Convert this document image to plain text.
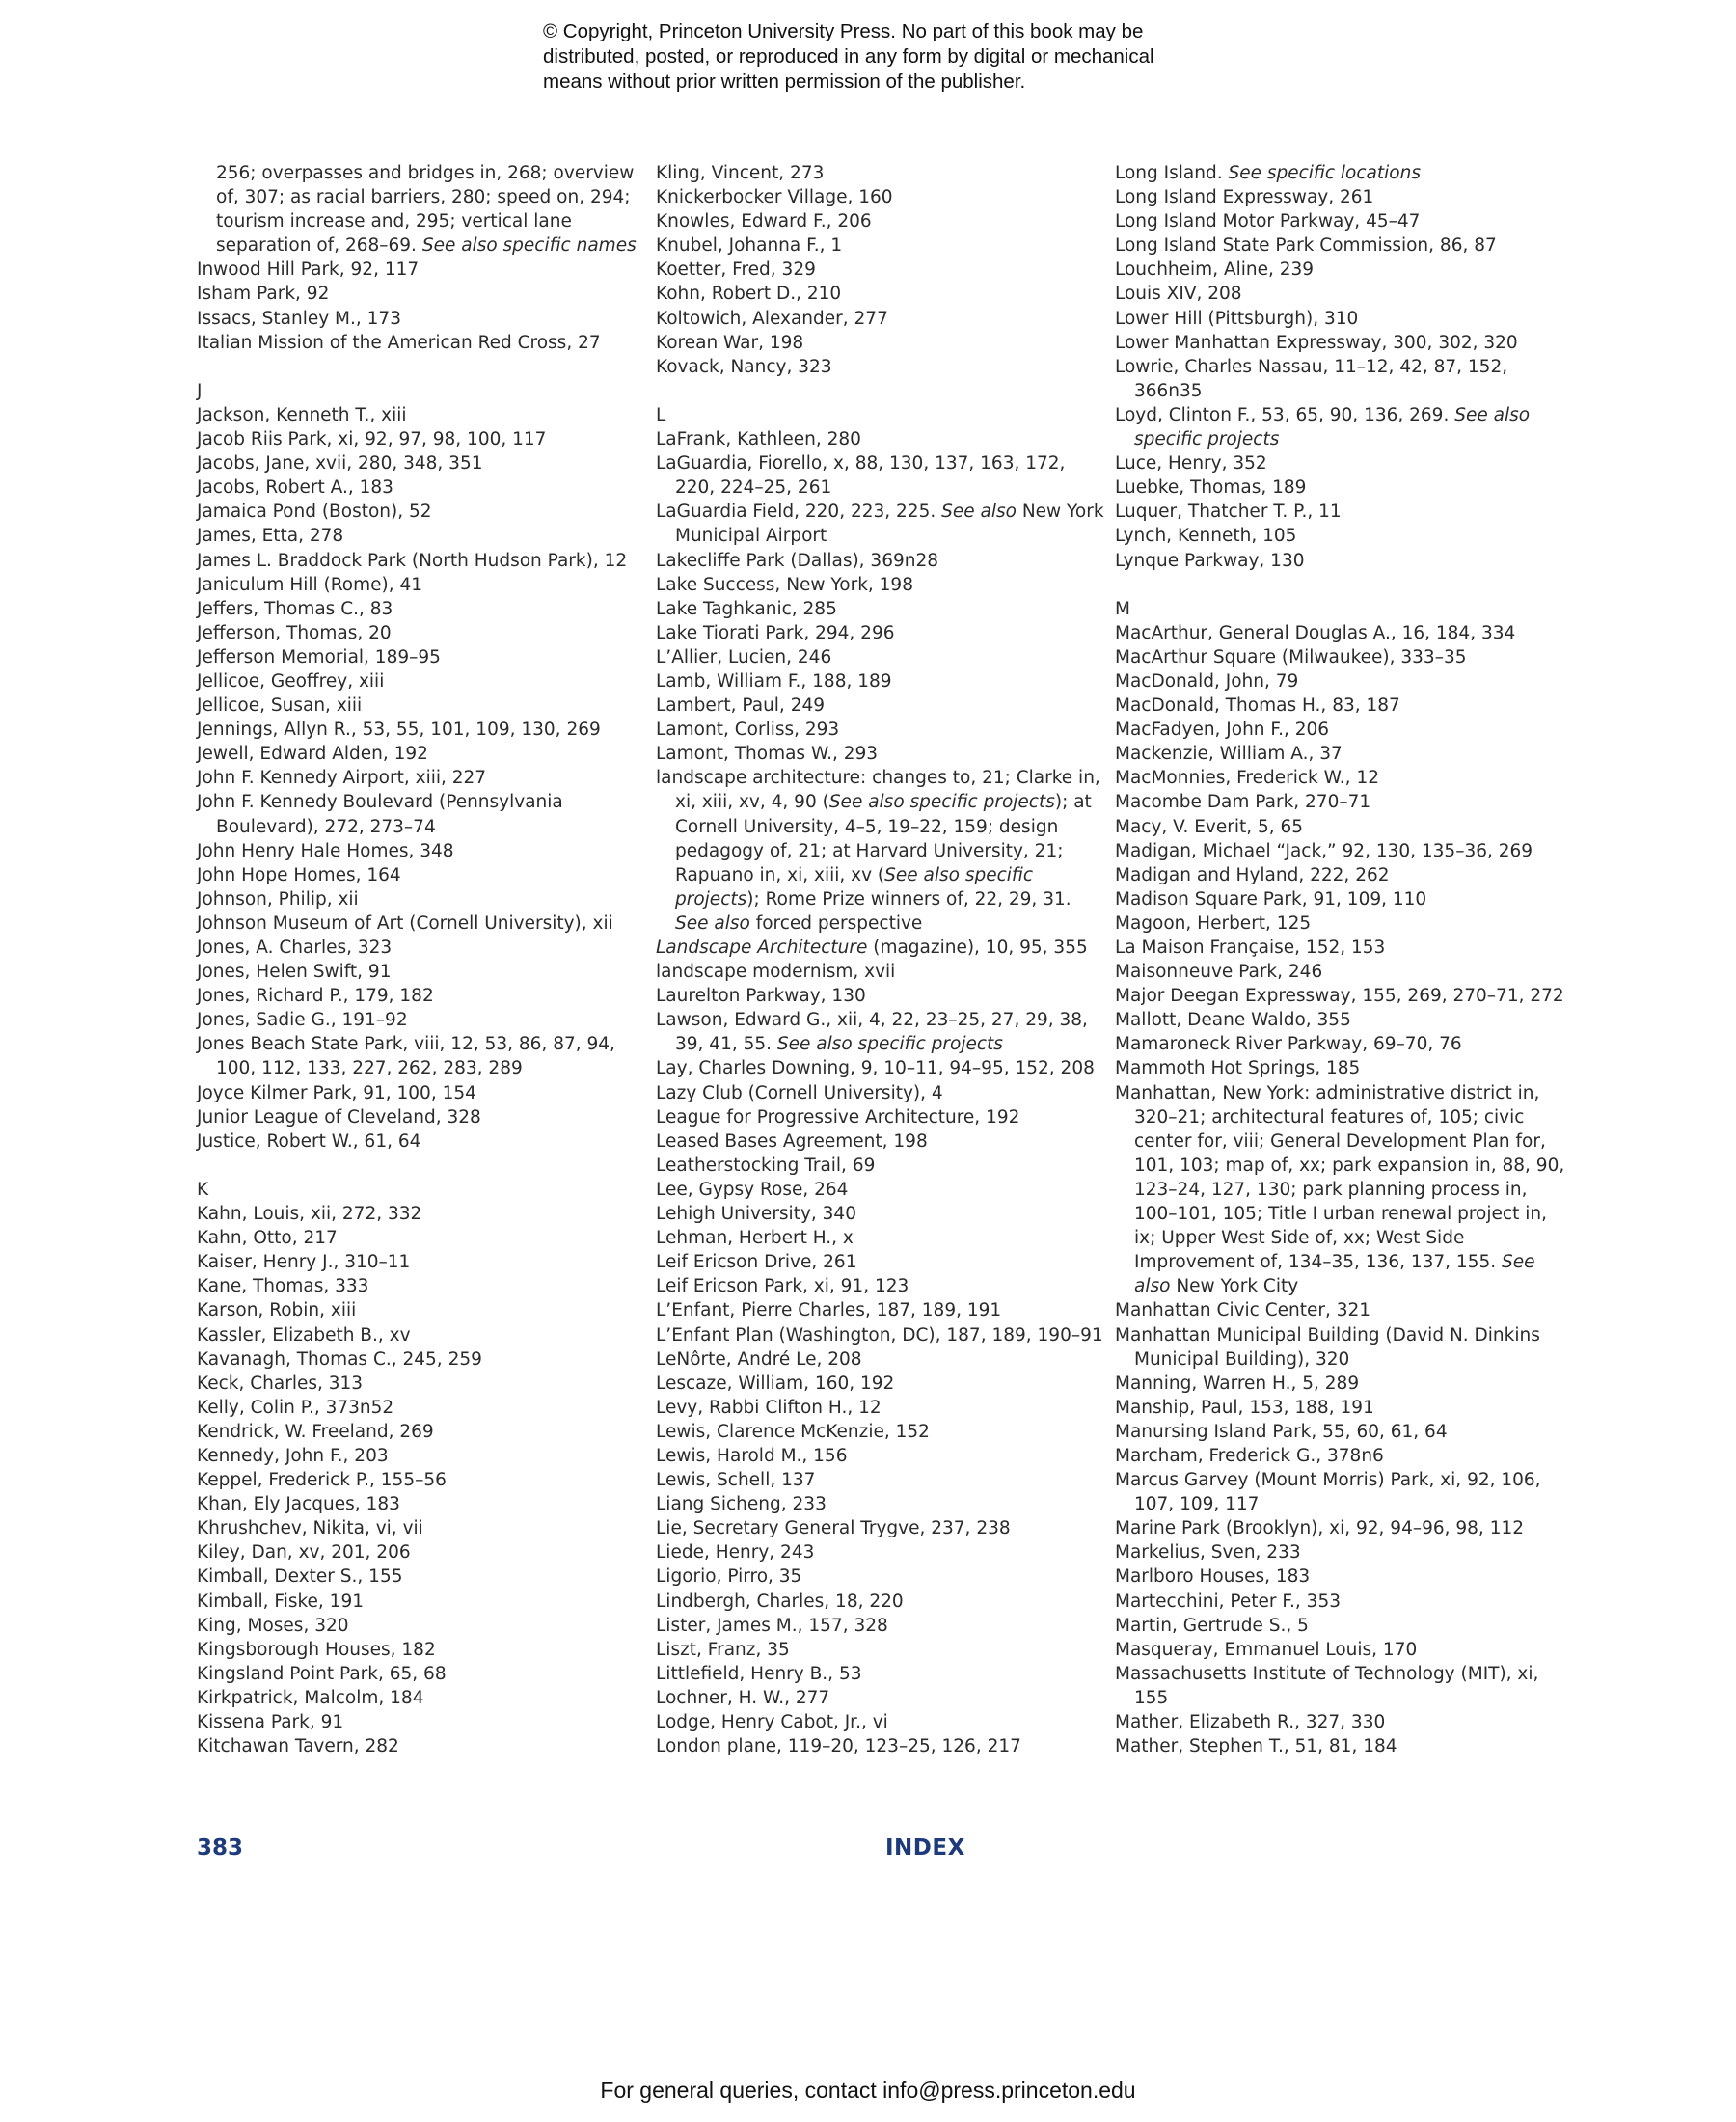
© Copyright, Princeton University Press. No part of this book may be
distributed, posted, or reproduced in any form by digital or mechanical
means without prior written permission of the publisher.
256; overpasses and bridges in, 268; overview of, 307; as racial barriers, 280; speed on, 294; tourism increase and, 295; vertical lane separation of, 268–69. See also specific names
Inwood Hill Park, 92, 117
Isham Park, 92
Issacs, Stanley M., 173
Italian Mission of the American Red Cross, 27
J
Jackson, Kenneth T., xiii
Jacob Riis Park, xi, 92, 97, 98, 100, 117
Jacobs, Jane, xvii, 280, 348, 351
Jacobs, Robert A., 183
Jamaica Pond (Boston), 52
James, Etta, 278
James L. Braddock Park (North Hudson Park), 12
Janiculum Hill (Rome), 41
Jeffers, Thomas C., 83
Jefferson, Thomas, 20
Jefferson Memorial, 189–95
Jellicoe, Geoffrey, xiii
Jellicoe, Susan, xiii
Jennings, Allyn R., 53, 55, 101, 109, 130, 269
Jewell, Edward Alden, 192
John F. Kennedy Airport, xiii, 227
John F. Kennedy Boulevard (Pennsylvania Boulevard), 272, 273–74
John Henry Hale Homes, 348
John Hope Homes, 164
Johnson, Philip, xii
Johnson Museum of Art (Cornell University), xii
Jones, A. Charles, 323
Jones, Helen Swift, 91
Jones, Richard P., 179, 182
Jones, Sadie G., 191–92
Jones Beach State Park, viii, 12, 53, 86, 87, 94, 100, 112, 133, 227, 262, 283, 289
Joyce Kilmer Park, 91, 100, 154
Junior League of Cleveland, 328
Justice, Robert W., 61, 64
K
Kahn, Louis, xii, 272, 332
Kahn, Otto, 217
Kaiser, Henry J., 310–11
Kane, Thomas, 333
Karson, Robin, xiii
Kassler, Elizabeth B., xv
Kavanagh, Thomas C., 245, 259
Keck, Charles, 313
Kelly, Colin P., 373n52
Kendrick, W. Freeland, 269
Kennedy, John F., 203
Keppel, Frederick P., 155–56
Khan, Ely Jacques, 183
Khrushchev, Nikita, vi, vii
Kiley, Dan, xv, 201, 206
Kimball, Dexter S., 155
Kimball, Fiske, 191
King, Moses, 320
Kingsborough Houses, 182
Kingsland Point Park, 65, 68
Kirkpatrick, Malcolm, 184
Kissena Park, 91
Kitchawan Tavern, 282
Kling, Vincent, 273
Knickerbocker Village, 160
Knowles, Edward F., 206
Knubel, Johanna F., 1
Koetter, Fred, 329
Kohn, Robert D., 210
Koltowich, Alexander, 277
Korean War, 198
Kovack, Nancy, 323
L
LaFrank, Kathleen, 280
LaGuardia, Fiorello, x, 88, 130, 137, 163, 172, 220, 224–25, 261
LaGuardia Field, 220, 223, 225. See also New York Municipal Airport
Lakecliffe Park (Dallas), 369n28
Lake Success, New York, 198
Lake Taghkanic, 285
Lake Tiorati Park, 294, 296
L’Allier, Lucien, 246
Lamb, William F., 188, 189
Lambert, Paul, 249
Lamont, Corliss, 293
Lamont, Thomas W., 293
landscape architecture: changes to, 21; Clarke in, xi, xiii, xv, 4, 90 (See also specific projects); at Cornell University, 4–5, 19–22, 159; design pedagogy of, 21; at Harvard University, 21; Rapuano in, xi, xiii, xv (See also specific projects); Rome Prize winners of, 22, 29, 31. See also forced perspective
Landscape Architecture (magazine), 10, 95, 355
landscape modernism, xvii
Laurelton Parkway, 130
Lawson, Edward G., xii, 4, 22, 23–25, 27, 29, 38, 39, 41, 55. See also specific projects
Lay, Charles Downing, 9, 10–11, 94–95, 152, 208
Lazy Club (Cornell University), 4
League for Progressive Architecture, 192
Leased Bases Agreement, 198
Leatherstocking Trail, 69
Lee, Gypsy Rose, 264
Lehigh University, 340
Lehman, Herbert H., x
Leif Ericson Drive, 261
Leif Ericson Park, xi, 91, 123
L’Enfant, Pierre Charles, 187, 189, 191
L’Enfant Plan (Washington, DC), 187, 189, 190–91
LeNôrte, André Le, 208
Lescaze, William, 160, 192
Levy, Rabbi Clifton H., 12
Lewis, Clarence McKenzie, 152
Lewis, Harold M., 156
Lewis, Schell, 137
Liang Sicheng, 233
Lie, Secretary General Trygve, 237, 238
Liede, Henry, 243
Ligorio, Pirro, 35
Lindbergh, Charles, 18, 220
Lister, James M., 157, 328
Liszt, Franz, 35
Littlefield, Henry B., 53
Lochner, H. W., 277
Lodge, Henry Cabot, Jr., vi
London plane, 119–20, 123–25, 126, 217
Long Island. See specific locations
Long Island Expressway, 261
Long Island Motor Parkway, 45–47
Long Island State Park Commission, 86, 87
Louchheim, Aline, 239
Louis XIV, 208
Lower Hill (Pittsburgh), 310
Lower Manhattan Expressway, 300, 302, 320
Lowrie, Charles Nassau, 11–12, 42, 87, 152, 366n35
Loyd, Clinton F., 53, 65, 90, 136, 269. See also specific projects
Luce, Henry, 352
Luebke, Thomas, 189
Luquer, Thatcher T. P., 11
Lynch, Kenneth, 105
Lynque Parkway, 130
M
MacArthur, General Douglas A., 16, 184, 334
MacArthur Square (Milwaukee), 333–35
MacDonald, John, 79
MacDonald, Thomas H., 83, 187
MacFadyen, John F., 206
Mackenzie, William A., 37
MacMonnies, Frederick W., 12
Macombe Dam Park, 270–71
Macy, V. Everit, 5, 65
Madigan, Michael “Jack,” 92, 130, 135–36, 269
Madigan and Hyland, 222, 262
Madison Square Park, 91, 109, 110
Magoon, Herbert, 125
La Maison Française, 152, 153
Maisonneuve Park, 246
Major Deegan Expressway, 155, 269, 270–71, 272
Mallott, Deane Waldo, 355
Mamaroneck River Parkway, 69–70, 76
Mammoth Hot Springs, 185
Manhattan, New York: administrative district in, 320–21; architectural features of, 105; civic center for, viii; General Development Plan for, 101, 103; map of, xx; park expansion in, 88, 90, 123–24, 127, 130; park planning process in, 100–101, 105; Title I urban renewal project in, ix; Upper West Side of, xx; West Side Improvement of, 134–35, 136, 137, 155. See also New York City
Manhattan Civic Center, 321
Manhattan Municipal Building (David N. Dinkins Municipal Building), 320
Manning, Warren H., 5, 289
Manship, Paul, 153, 188, 191
Manursing Island Park, 55, 60, 61, 64
Marcham, Frederick G., 378n6
Marcus Garvey (Mount Morris) Park, xi, 92, 106, 107, 109, 117
Marine Park (Brooklyn), xi, 92, 94–96, 98, 112
Markelius, Sven, 233
Marlboro Houses, 183
Martecchini, Peter F., 353
Martin, Gertrude S., 5
Masqueray, Emmanuel Louis, 170
Massachusetts Institute of Technology (MIT), xi, 155
Mather, Elizabeth R., 327, 330
Mather, Stephen T., 51, 81, 184
383	INDEX
For general queries, contact info@press.princeton.edu
